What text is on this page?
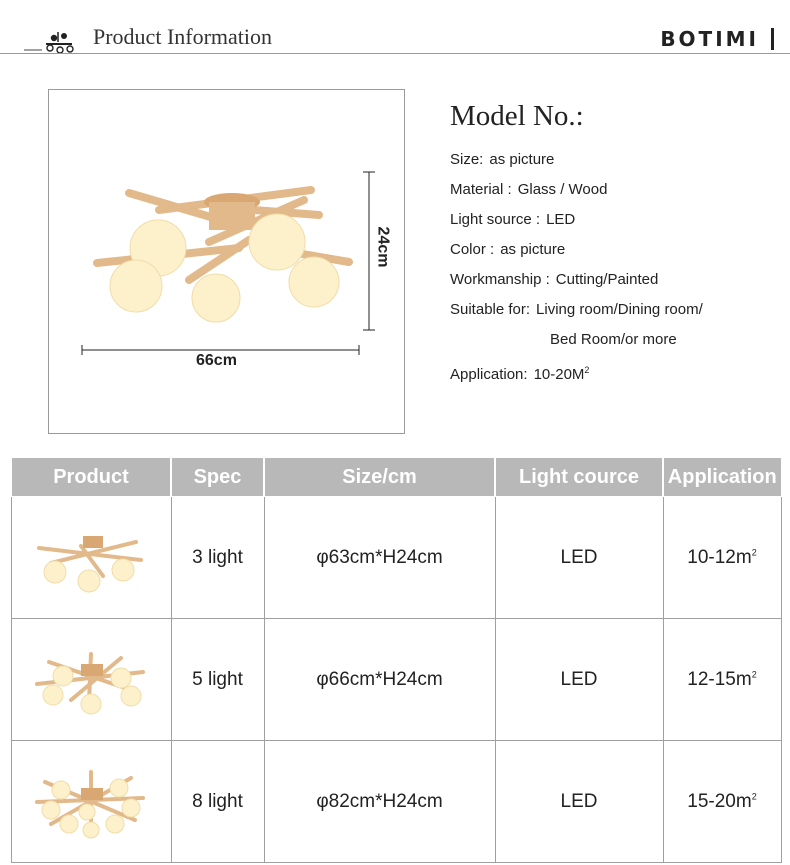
Product Information	BOTIMI
66cm
24cm
Model No.:
Size: as picture
Material : Glass / Wood
Light source : LED
Color : as picture
Workmanship : Cutting/Painted
Suitable for: Living room/Dining room/
Bed Room/or more
Application: $10-20M^2$
Product	Spec	Size/cm	Light cource	Application

	3 light	φ63cm*H24cm	LED	$10-12m^2$

	5 light	φ66cm*H24cm	LED	$12-15m^2$

	8 light	φ82cm*H24cm	LED	$15-20m^2$
